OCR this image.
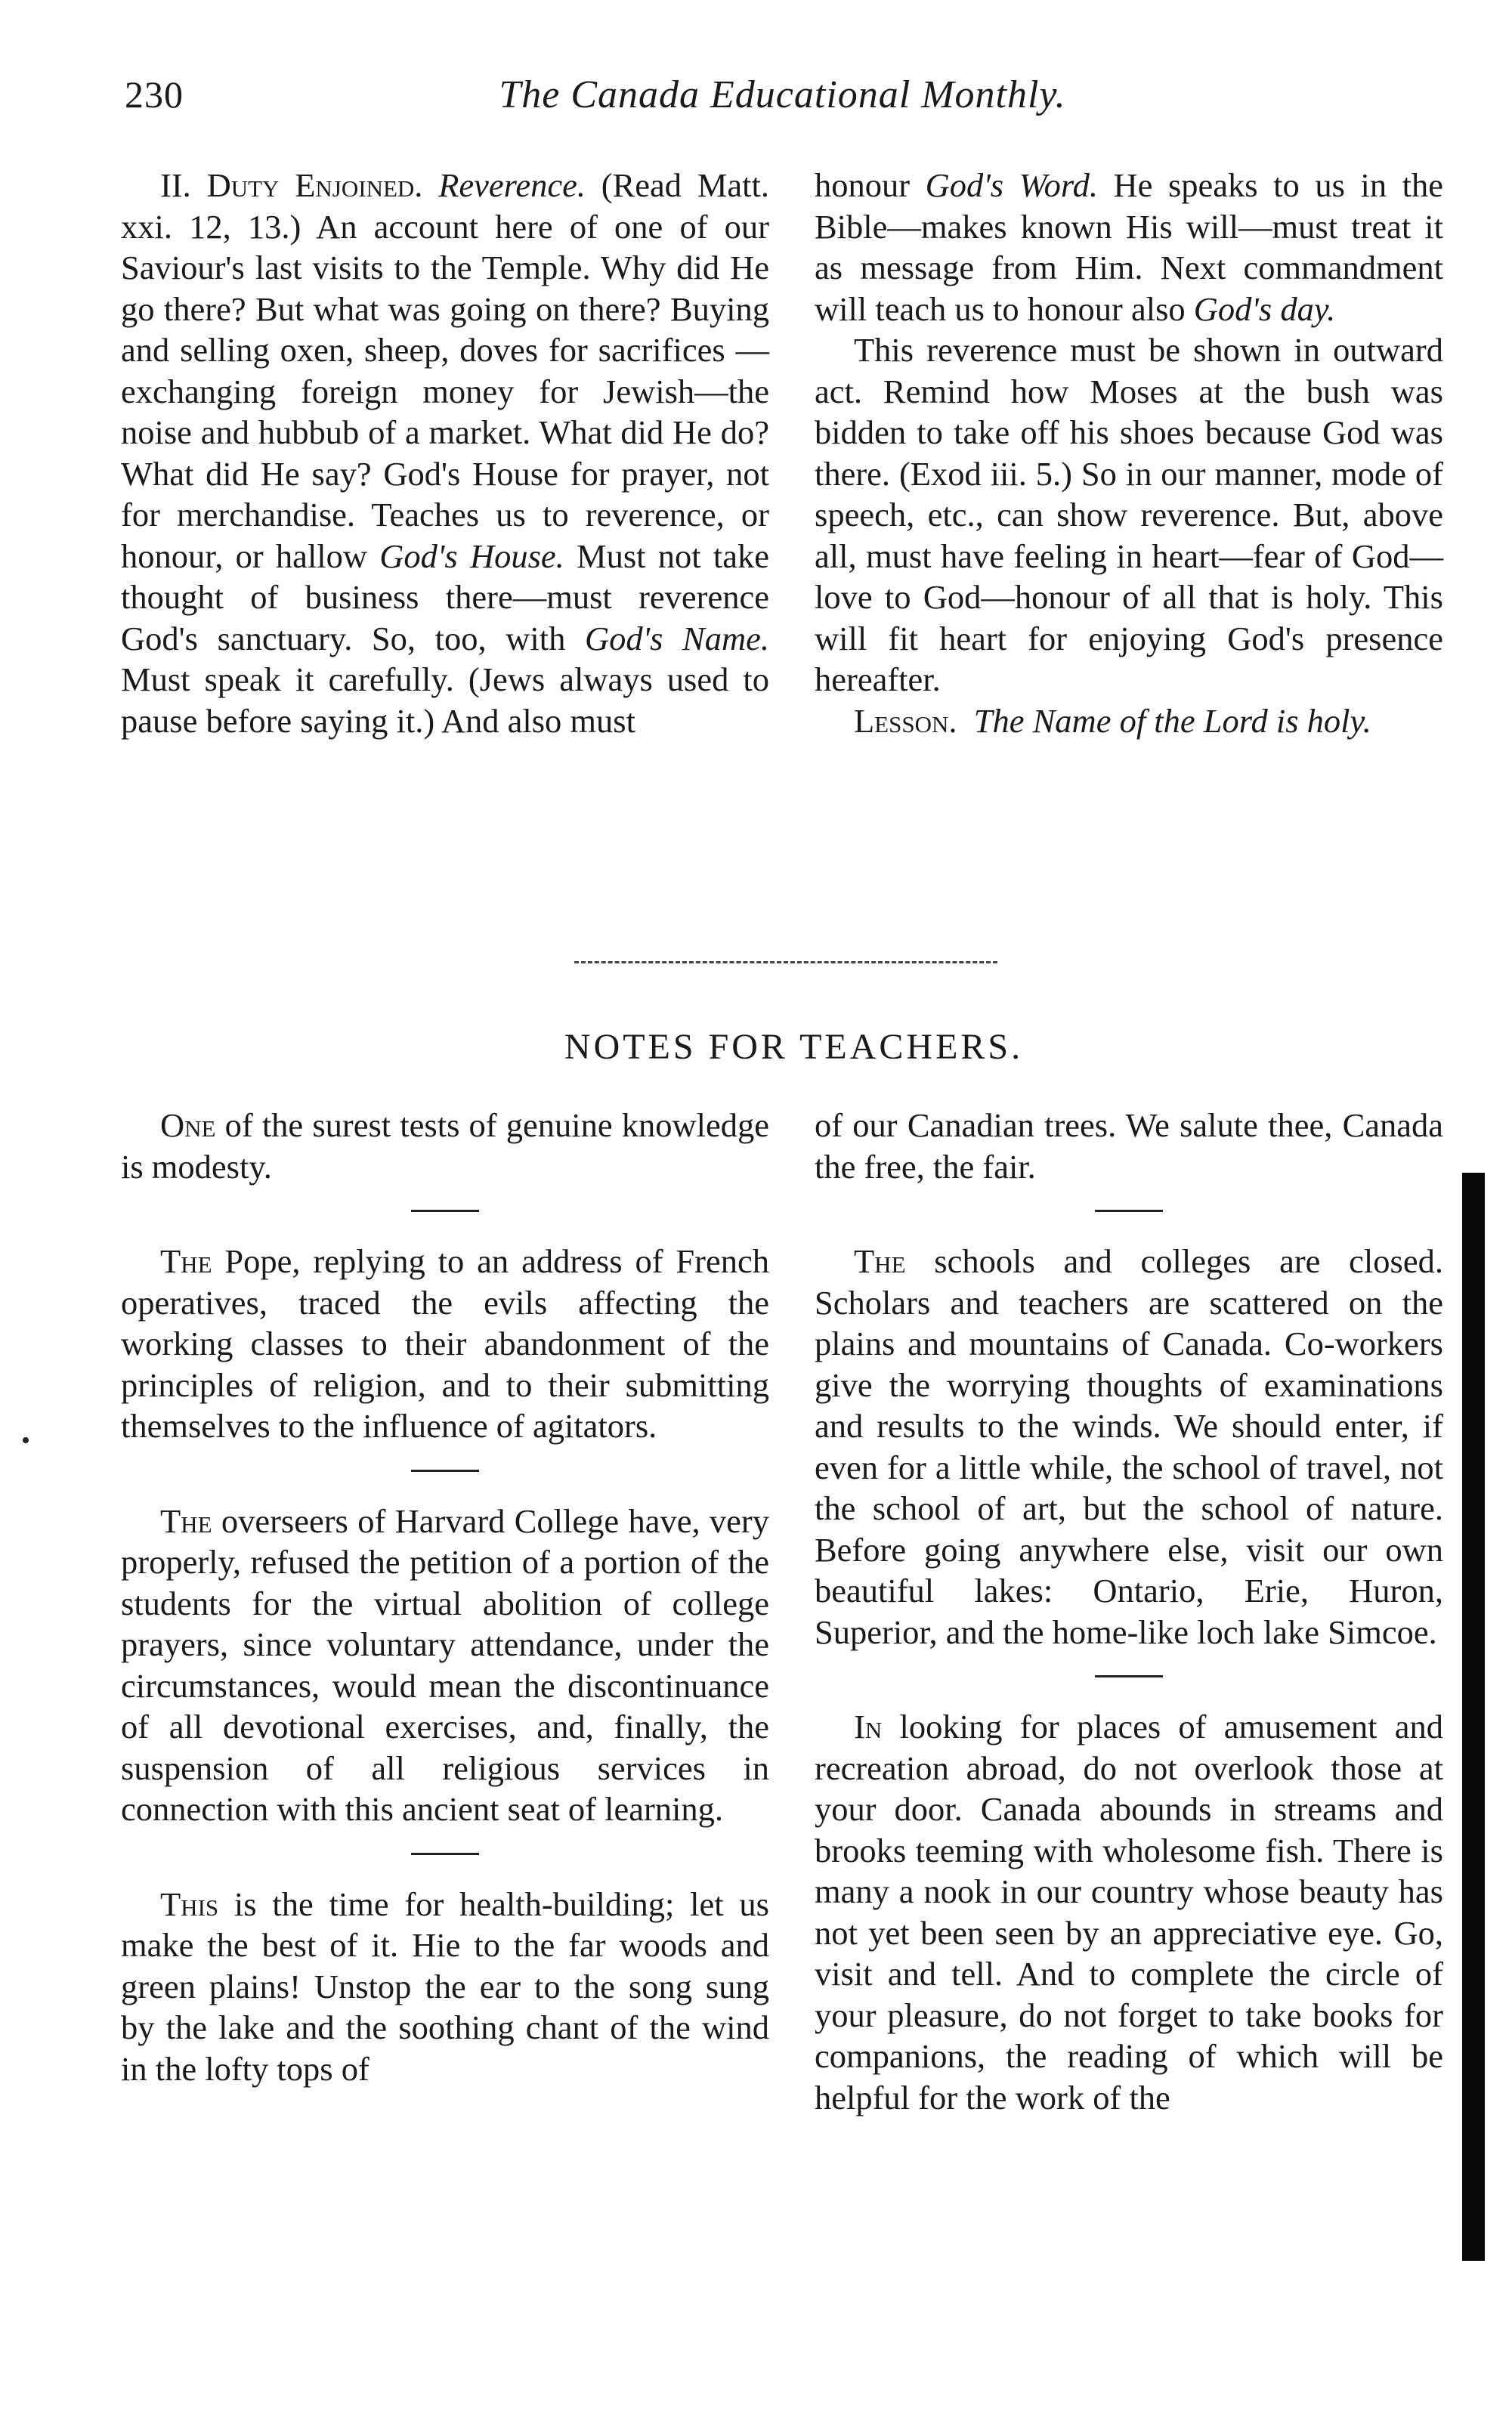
230	The Canada Educational Monthly.

II. Duty Enjoined. Reverence. (Read Matt. xxi. 12, 13.) An account here of one of our Saviour's last visits to the Temple. Why did He go there? But what was going on there? Buying and selling oxen, sheep, doves for sacrifices — exchanging foreign money for Jewish—the noise and hubbub of a market. What did He do? What did He say? God's House for prayer, not for merchandise. Teaches us to reverence, or honour, or hallow God's House. Must not take thought of business there—must reverence God's sanctuary. So, too, with God's Name. Must speak it carefully. (Jews always used to pause before saying it.) And also must

honour God's Word. He speaks to us in the Bible—makes known His will—must treat it as message from Him. Next commandment will teach us to honour also God's day.

This reverence must be shown in outward act. Remind how Moses at the bush was bidden to take off his shoes because God was there. (Exod iii. 5.) So in our manner, mode of speech, etc., can show reverence. But, above all, must have feeling in heart—fear of God—love to God—honour of all that is holy. This will fit heart for enjoying God's presence hereafter.

Lesson. The Name of the Lord is holy.

NOTES FOR TEACHERS.

One of the surest tests of genuine knowledge is modesty.

The Pope, replying to an address of French operatives, traced the evils affecting the working classes to their abandonment of the principles of religion, and to their submitting themselves to the influence of agitators.

The overseers of Harvard College have, very properly, refused the petition of a portion of the students for the virtual abolition of college prayers, since voluntary attendance, under the circumstances, would mean the discontinuance of all devotional exercises, and, finally, the suspension of all religious services in connection with this ancient seat of learning.

This is the time for health-building; let us make the best of it. Hie to the far woods and green plains! Unstop the ear to the song sung by the lake and the soothing chant of the wind in the lofty tops of

of our Canadian trees. We salute thee, Canada the free, the fair.

The schools and colleges are closed. Scholars and teachers are scattered on the plains and mountains of Canada. Co-workers give the worrying thoughts of examinations and results to the winds. We should enter, if even for a little while, the school of travel, not the school of art, but the school of nature. Before going anywhere else, visit our own beautiful lakes: Ontario, Erie, Huron, Superior, and the home-like loch lake Simcoe.

In looking for places of amusement and recreation abroad, do not overlook those at your door. Canada abounds in streams and brooks teeming with wholesome fish. There is many a nook in our country whose beauty has not yet been seen by an appreciative eye. Go, visit and tell. And to complete the circle of your pleasure, do not forget to take books for companions, the reading of which will be helpful for the work of the
